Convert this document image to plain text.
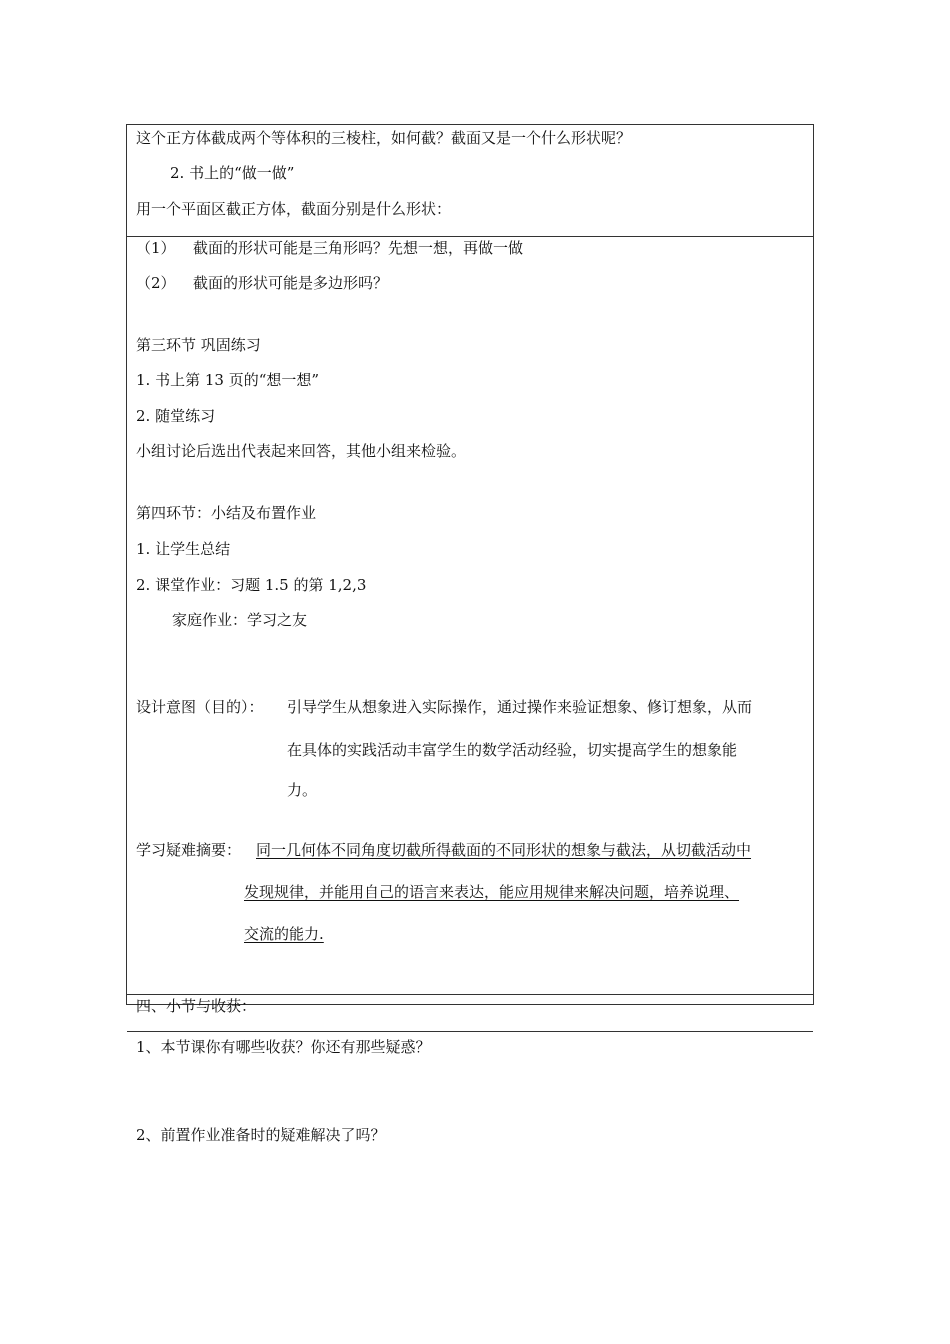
这个正方体截成两个等体积的三棱柱，如何截？截面又是一个什么形状呢？
2. 书上的“做一做”
用一个平面区截正方体，截面分别是什么形状：
（1） 截面的形状可能是三角形吗？先想一想，再做一做
（2） 截面的形状可能是多边形吗？
第三环节 巩固练习
1. 书上第 13 页的“想一想”
2. 随堂练习
小组讨论后选出代表起来回答，其他小组来检验。
第四环节：小结及布置作业
1. 让学生总结
2. 课堂作业：习题 1.5 的第 1,2,3
家庭作业：学习之友
设计意图（目的）： 引导学生从想象进入实际操作，通过操作来验证想象、修订想象，从而
在具体的实践活动丰富学生的数学活动经验，切实提高学生的想象能
力。
学习疑难摘要： 同一几何体不同角度切截所得截面的不同形状的想象与截法，从切截活动中
发现规律，并能用自己的语言来表达，能应用规律来解决问题，培养说理、
交流的能力.
四、小节与收获：
1、本节课你有哪些收获？你还有那些疑惑？
2、前置作业准备时的疑难解决了吗？
